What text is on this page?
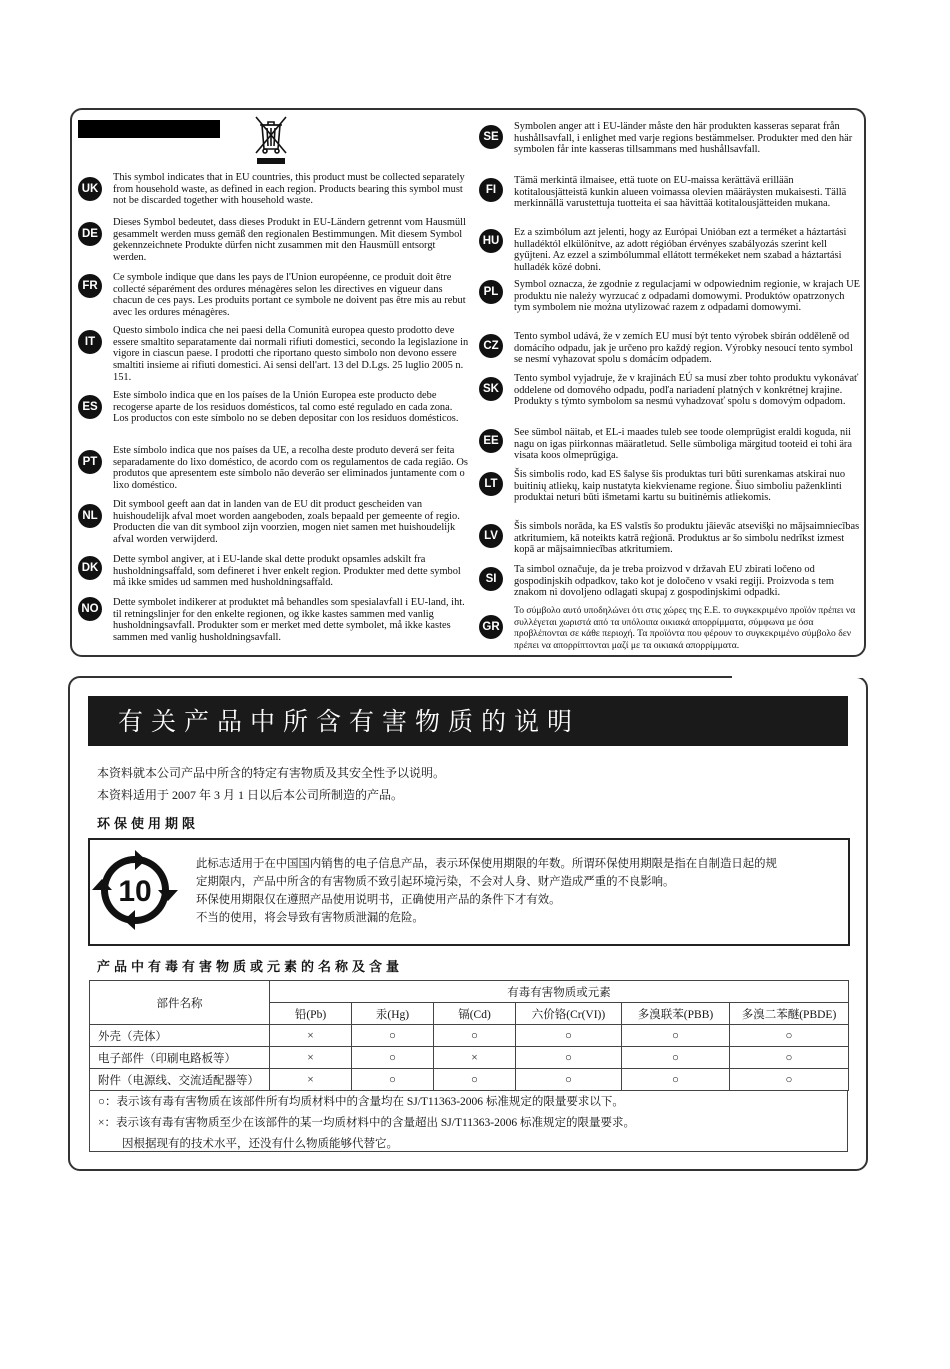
UK
This symbol indicates that in EU countries, this product must be collected separately from household waste, as defined in each region. Products bearing this symbol must not be discarded together with household waste.
DE
Dieses Symbol bedeutet, dass dieses Produkt in EU-Ländern getrennt vom Hausmüll gesammelt werden muss gemäß den regionalen Bestimmungen. Mit diesem Symbol gekennzeichnete Produkte dürfen nicht zusammen mit den Hausmüll entsorgt werden.
FR
Ce symbole indique que dans les pays de l'Union européenne, ce produit doit être collecté séparément des ordures ménagères selon les directives en vigueur dans chacun de ces pays. Les produits portant ce symbole ne doivent pas être mis au rebut avec les ordures ménagères.
IT
Questo simbolo indica che nei paesi della Comunità europea questo prodotto deve essere smaltito separatamente dai normali rifiuti domestici, secondo la legislazione in vigore in ciascun paese. I prodotti che riportano questo simbolo non devono essere smaltiti insieme ai rifiuti domestici. Ai sensi dell'art. 13 del D.Lgs. 25 luglio 2005 n. 151.
ES
Este símbolo indica que en los países de la Unión Europea este producto debe recogerse aparte de los residuos domésticos, tal como esté regulado en cada zona. Los productos con este símbolo no se deben depositar con los residuos domésticos.
PT
Este símbolo indica que nos países da UE, a recolha deste produto deverá ser feita separadamente do lixo doméstico, de acordo com os regulamentos de cada região. Os produtos que apresentem este símbolo não deverão ser eliminados juntamente com o lixo doméstico.
NL
Dit symbool geeft aan dat in landen van de EU dit product gescheiden van huishoudelijk afval moet worden aangeboden, zoals bepaald per gemeente of regio. Producten die van dit symbool zijn voorzien, mogen niet samen met huishoudelijk afval worden verwijderd.
DK
Dette symbol angiver, at i EU-lande skal dette produkt opsamles adskilt fra husholdningsaffald, som defineret i hver enkelt region. Produkter med dette symbol må ikke smides ud sammen med husholdningsaffald.
NO
Dette symbolet indikerer at produktet må behandles som spesialavfall i EU-land, iht. til retningslinjer for den enkelte regionen, og ikke kastes sammen med vanlig husholdningsavfall. Produkter som er merket med dette symbolet, må ikke kastes sammen med vanlig husholdningsavfall.
SE
Symbolen anger att i EU-länder måste den här produkten kasseras separat från hushållsavfall, i enlighet med varje regions bestämmelser. Produkter med den här symbolen får inte kasseras tillsammans med hushållsavfall.
FI
Tämä merkintä ilmaisee, että tuote on EU-maissa kerättävä erillään kotitalousjätteistä kunkin alueen voimassa olevien määräysten mukaisesti. Tällä merkinnällä varustettuja tuotteita ei saa hävittää kotitalousjätteiden mukana.
HU
Ez a szimbólum azt jelenti, hogy az Európai Unióban ezt a terméket a háztartási hulladéktól elkülönítve, az adott régióban érvényes szabályozás szerint kell gyűjteni. Az ezzel a szimbólummal ellátott termékeket nem szabad a háztartási hulladék közé dobni.
PL
Symbol oznacza, że zgodnie z regulacjami w odpowiednim regionie, w krajach UE produktu nie należy wyrzucać z odpadami domowymi. Produktów opatrzonych tym symbolem nie można utylizować razem z odpadami domowymi.
CZ
Tento symbol udává, že v zemích EU musí být tento výrobek sbírán odděleně od domácího odpadu, jak je určeno pro každý region. Výrobky nesoucí tento symbol se nesmí vyhazovat spolu s domácím odpadem.
SK
Tento symbol vyjadruje, že v krajinách EÚ sa musí zber tohto produktu vykonávať oddelene od domového odpadu, podľa nariadení platných v konkrétnej krajine. Produkty s týmto symbolom sa nesmú vyhadzovať spolu s domovým odpadom.
EE
See sümbol näitab, et EL-i maades tuleb see toode olemprügist eraldi koguda, nii nagu on igas piirkonnas määratletud. Selle sümboliga märgitud tooteid ei tohi ära visata koos olmeprügiga.
LT
Šis simbolis rodo, kad ES šalyse šis produktas turi būti surenkamas atskirai nuo buitinių atliekų, kaip nustatyta kiekviename regione. Šiuo simboliu paženklinti produktai neturi būti išmetami kartu su buitinėmis atliekomis.
LV
Šis simbols norāda, ka ES valstīs šo produktu jāievāc atsevišķi no mājsaimniecības atkritumiem, kā noteikts katrā reģionā. Produktus ar šo simbolu nedrīkst izmest kopā ar mājsaimniecības atkritumiem.
SI
Ta simbol označuje, da je treba proizvod v državah EU zbirati ločeno od gospodinjskih odpadkov, tako kot je določeno v vsaki regiji. Proizvoda s tem znakom ni dovoljeno odlagati skupaj z gospodinjskimi odpadki.
GR
Το σύμβολο αυτό υποδηλώνει ότι στις χώρες της Ε.Ε. το συγκεκριμένο προϊόν πρέπει να συλλέγεται χωριστά από τα υπόλοιπα οικιακά απορρίμματα, σύμφωνα με όσα προβλέπονται σε κάθε περιοχή. Τα προϊόντα που φέρουν το συγκεκριμένο σύμβολο δεν πρέπει να απορρίπτονται μαζί με τα οικιακά απορρίμματα.
有关产品中所含有害物质的说明
本资料就本公司产品中所含的特定有害物质及其安全性予以说明。
本资料适用于 2007 年 3 月 1 日以后本公司所制造的产品。
环保使用期限
10
此标志适用于在中国国内销售的电子信息产品，表示环保使用期限的年数。所谓环保使用期限是指在自制造日起的规
定期限内，产品中所含的有害物质不致引起环境污染，不会对人身、财产造成严重的不良影响。
环保使用期限仅在遵照产品使用说明书，正确使用产品的条件下才有效。
不当的使用，将会导致有害物质泄漏的危险。
产品中有毒有害物质或元素的名称及含量
部件名称	有毒有害物质或元素					
	铅(Pb)	汞(Hg)	镉(Cd)	六价铬(Cr(VI))	多溴联苯(PBB)	多溴二苯醚(PBDE)
外壳（壳体）	×	○	○	○	○	○
电子部件（印刷电路板等）	×	○	×	○	○	○
附件（电源线、交流适配器等）	×	○	○	○	○	○
○：表示该有毒有害物质在该部件所有均质材料中的含量均在 SJ/T11363-2006 标准规定的限量要求以下。
×：表示该有毒有害物质至少在该部件的某一均质材料中的含量超出 SJ/T11363-2006 标准规定的限量要求。
因根据现有的技术水平，还没有什么物质能够代替它。
